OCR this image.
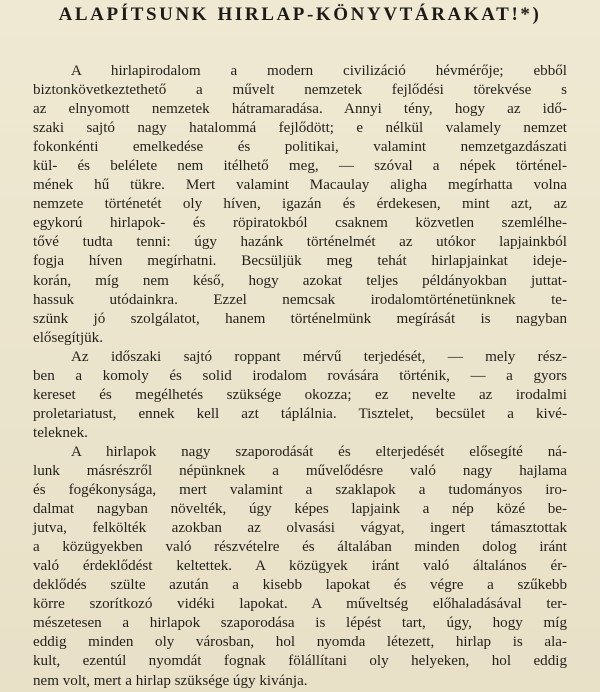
ALAPÍTSUNK HIRLAP-KÖNYVTÁRAKAT!*)
A hirlapirodalom a modern civilizáció hévmérője; ebből
biztonkövetkeztethető a művelt nemzetek fejlődési törekvése s
az elnyomott nemzetek hátramaradása. Annyi tény, hogy az idő-
szaki sajtó nagy hatalommá fejlődött; e nélkül valamely nemzet
fokonkénti emelkedése és politikai, valamint nemzetgazdászati
kül- és belélete nem itélhető meg, — szóval a népek történel-
mének hű tükre. Mert valamint Macaulay aligha megírhatta volna
nemzete történetét oly híven, igazán és érdekesen, mint azt, az
egykorú hirlapok- és röpiratokból csaknem közvetlen szemlélhe-
tővé tudta tenni: úgy hazánk történelmét az utókor lapjainkból
fogja híven megírhatni. Becsüljük meg tehát hirlapjainkat ideje-
korán, míg nem késő, hogy azokat teljes példányokban juttat-
hassuk utódainkra. Ezzel nemcsak irodalomtörténetünknek te-
szünk jó szolgálatot, hanem történelmünk megírását is nagyban
elősegítjük.
Az időszaki sajtó roppant mérvű terjedését, — mely rész-
ben a komoly és solid irodalom rovására történik, — a gyors
kereset és megélhetés szüksége okozza; ez nevelte az irodalmi
proletariatust, ennek kell azt táplálnia. Tisztelet, becsület a kivé-
teleknek.
A hirlapok nagy szaporodását és elterjedését elősegíté ná-
lunk másrészről népünknek a művelődésre való nagy hajlama
és fogékonysága, mert valamint a szaklapok a tudományos iro-
dalmat nagyban növelték, úgy képes lapjaink a nép közé be-
jutva, felkölték azokban az olvasási vágyat, ingert támasztottak
a közügyekben való részvételre és általában minden dolog iránt
való érdeklődést keltettek. A közügyek iránt való általános ér-
deklődés szülte azután a kisebb lapokat és végre a szűkebb
körre szorítkozó vidéki lapokat. A műveltség előhaladásával ter-
mészetesen a hirlapok szaporodása is lépést tart, úgy, hogy míg
eddig minden oly városban, hol nyomda létezett, hirlap is ala-
kult, ezentúl nyomdát fognak fölállítani oly helyeken, hol eddig
nem volt, mert a hirlap szüksége úgy kivánja.
